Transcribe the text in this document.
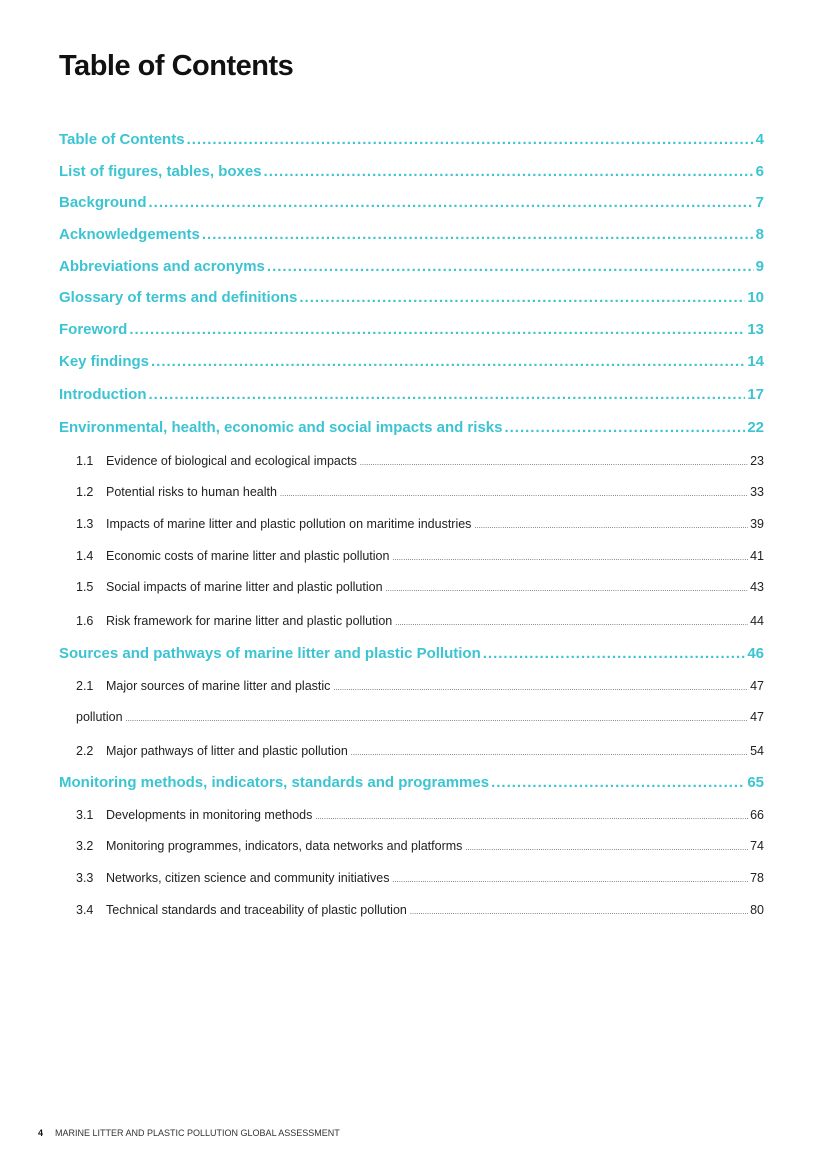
Table of Contents
Table of Contents .....	4
List of figures, tables, boxes .....	6
Background .....	7
Acknowledgements .....	8
Abbreviations and acronyms .....	9
Glossary of terms and definitions .....	10
Foreword .....	13
Key findings .....	14
Introduction .....	17
Environmental, health, economic and social impacts and risks .....	22
1.1	Evidence of biological and ecological impacts .....	23
1.2	Potential risks to human health .....	33
1.3	Impacts of marine litter and plastic pollution on maritime industries .....	39
1.4	Economic costs of marine litter and plastic pollution .....	41
1.5	Social impacts of marine litter and plastic pollution .....	43
1.6	Risk framework for marine litter and plastic pollution .....	44
Sources and pathways of marine litter and plastic Pollution .....	46
2.1	Major sources of marine litter and plastic .....	47
pollution .....	47
2.2	Major pathways of litter and plastic pollution .....	54
Monitoring methods, indicators, standards and programmes .....	65
3.1	Developments in monitoring methods .....	66
3.2	Monitoring programmes, indicators, data networks and platforms .....	74
3.3	Networks, citizen science and community initiatives .....	78
3.4	Technical standards and traceability of plastic pollution .....	80
4 MARINE LITTER AND PLASTIC POLLUTION GLOBAL ASSESSMENT
